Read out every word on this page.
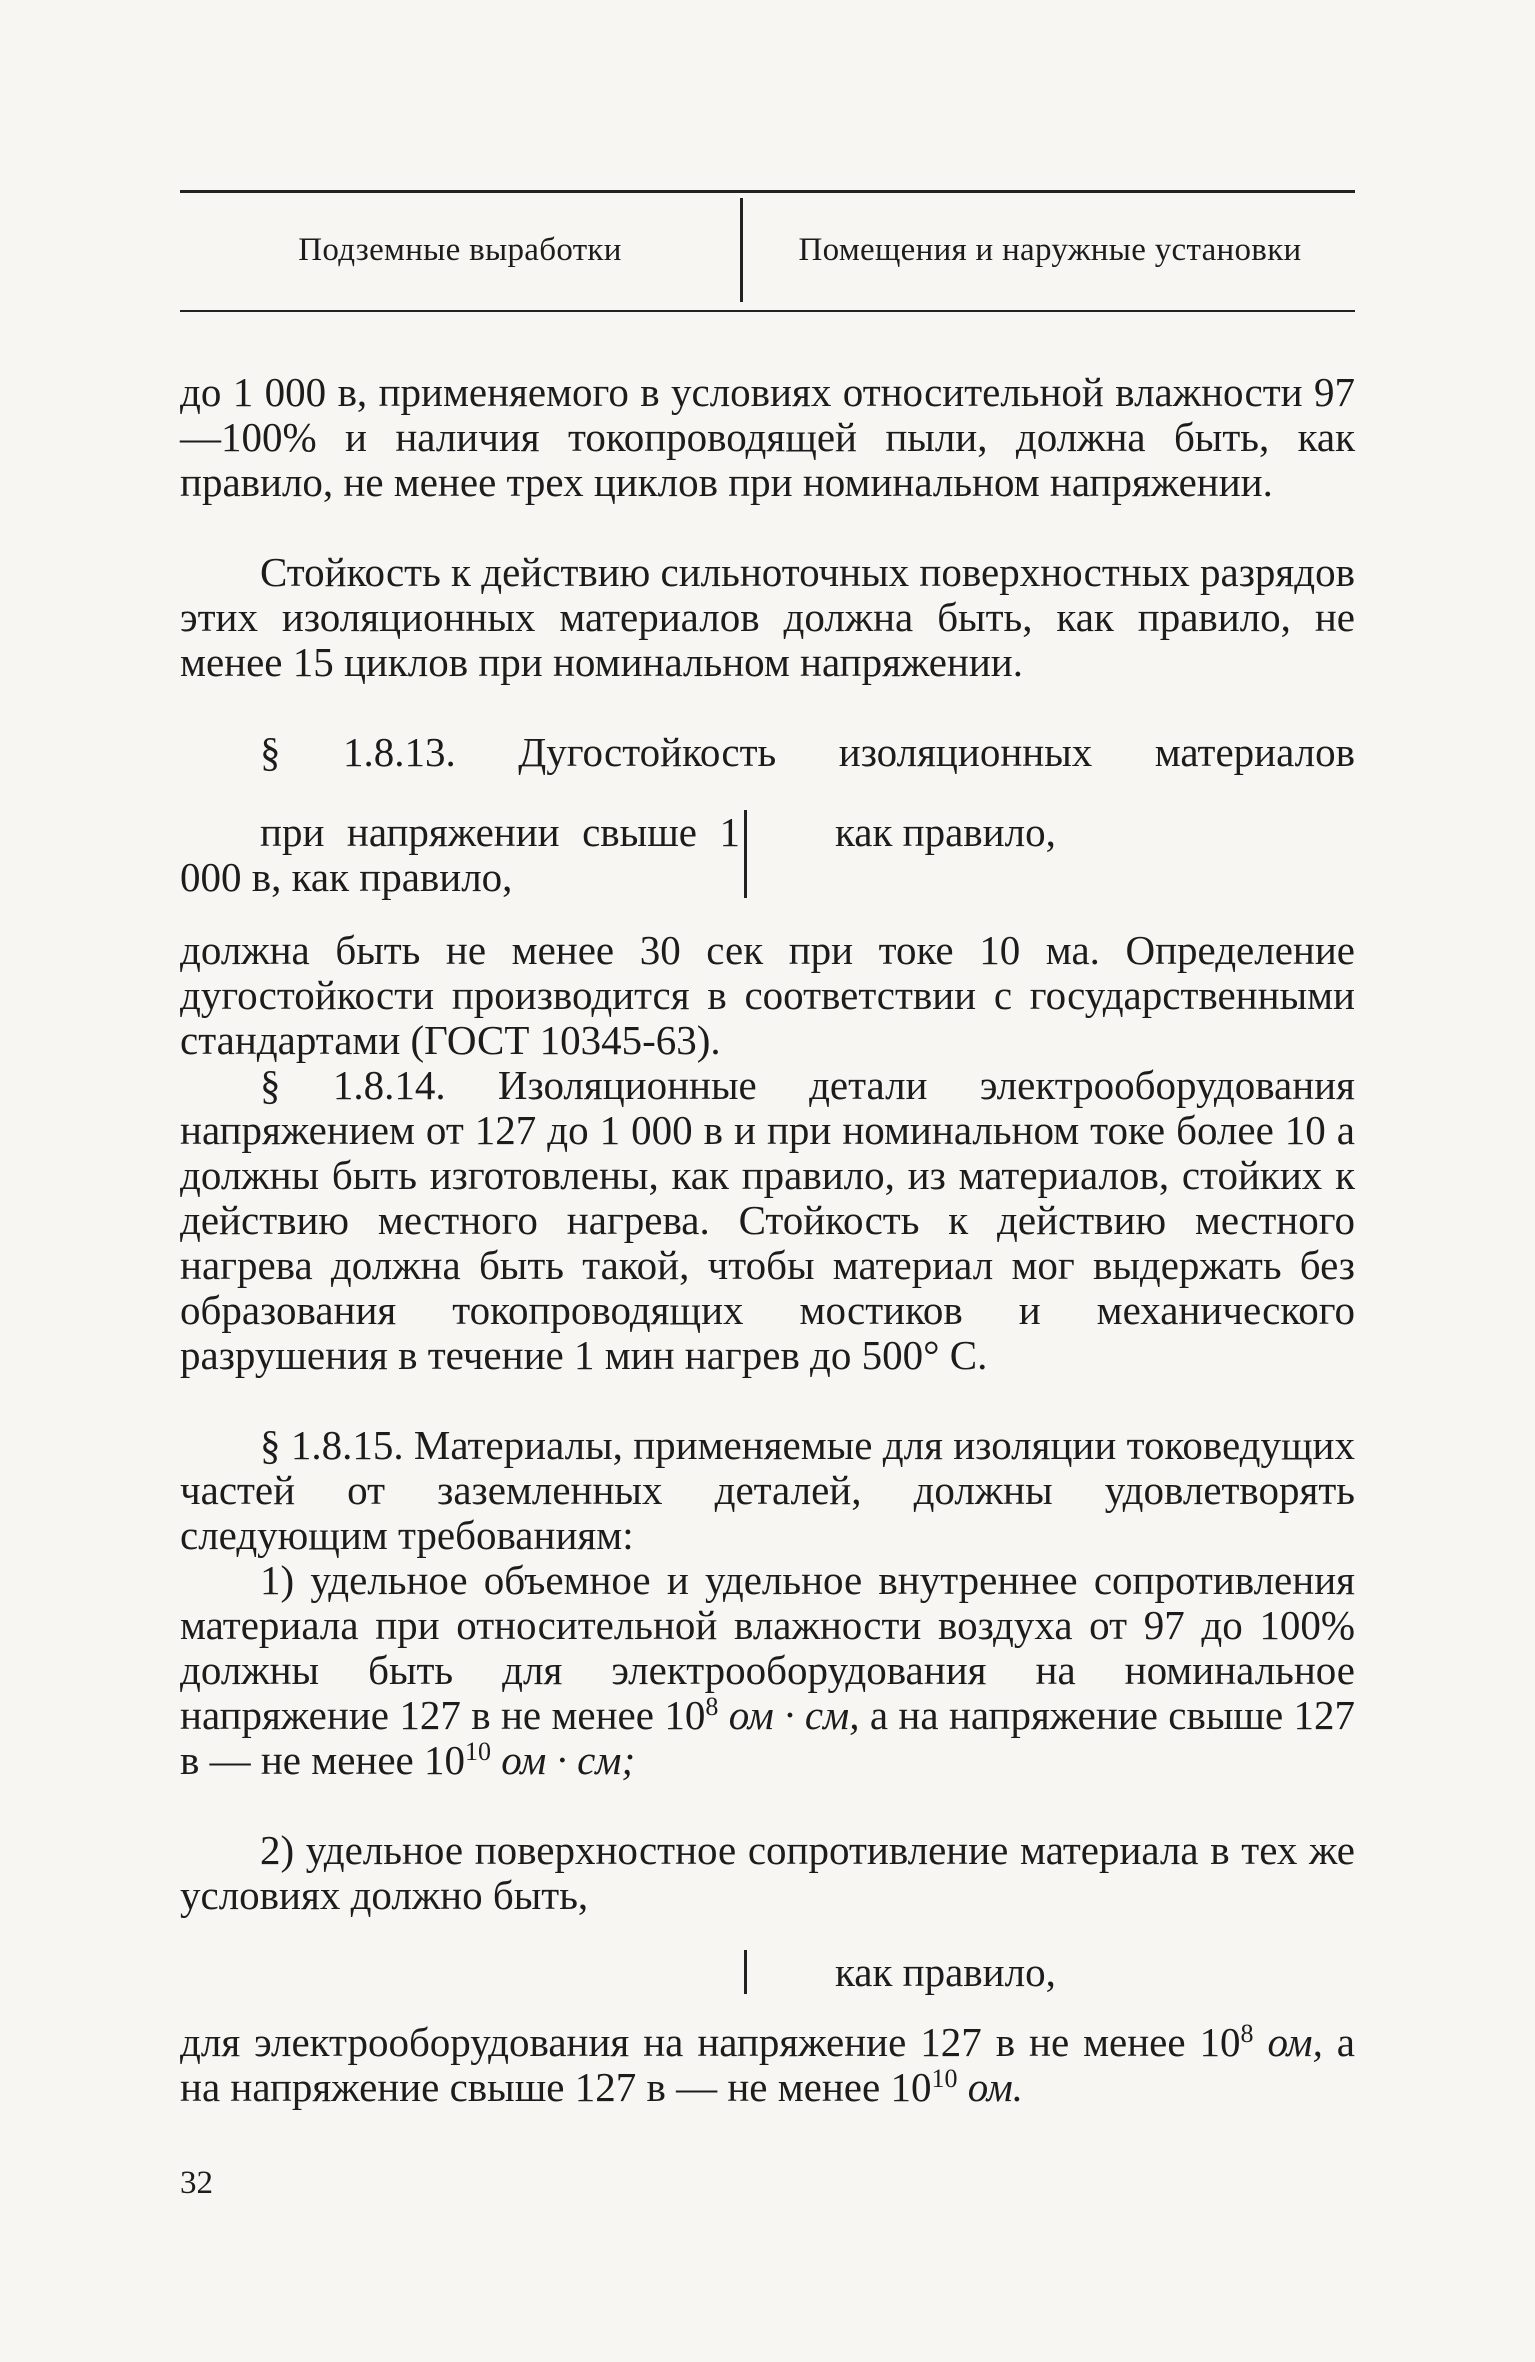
Подземные выработки	Помещения и наружные установки
до 1 000 в, применяемого в условиях относительной влажности 97—100% и наличия токопроводящей пыли, должна быть, как правило, не менее трех циклов при номинальном напряжении.
Стойкость к действию сильноточных поверхностных разрядов этих изоляционных материалов должна быть, как правило, не менее 15 циклов при номинальном напряжении.
§ 1.8.13. Дугостойкость изоляционных материалов
при напряжении свыше 1 000 в, как правило,
как правило,
должна быть не менее 30 сек при токе 10 ма. Определение дугостойкости производится в соответствии с государственными стандартами (ГОСТ 10345-63).
§ 1.8.14. Изоляционные детали электрооборудования напряжением от 127 до 1 000 в и при номинальном токе более 10 а должны быть изготовлены, как правило, из материалов, стойких к действию местного нагрева. Стойкость к действию местного нагрева должна быть такой, чтобы материал мог выдержать без образования токопроводящих мостиков и механического разрушения в течение 1 мин нагрев до 500° С.
§ 1.8.15. Материалы, применяемые для изоляции токоведущих частей от заземленных деталей, должны удовлетворять следующим требованиям:
1) удельное объемное и удельное внутреннее сопротивления материала при относительной влажности воздуха от 97 до 100% должны быть для электрооборудования на номинальное напряжение 127 в не менее $10^8$ ом · см, а на напряжение свыше 127 в — не менее $10^{10}$ ом · см;
2) удельное поверхностное сопротивление материала в тех же условиях должно быть,
как правило,
для электрооборудования на напряжение 127 в не менее $10^8$ ом, а на напряжение свыше 127 в — не менее $10^{10}$ ом.
32
